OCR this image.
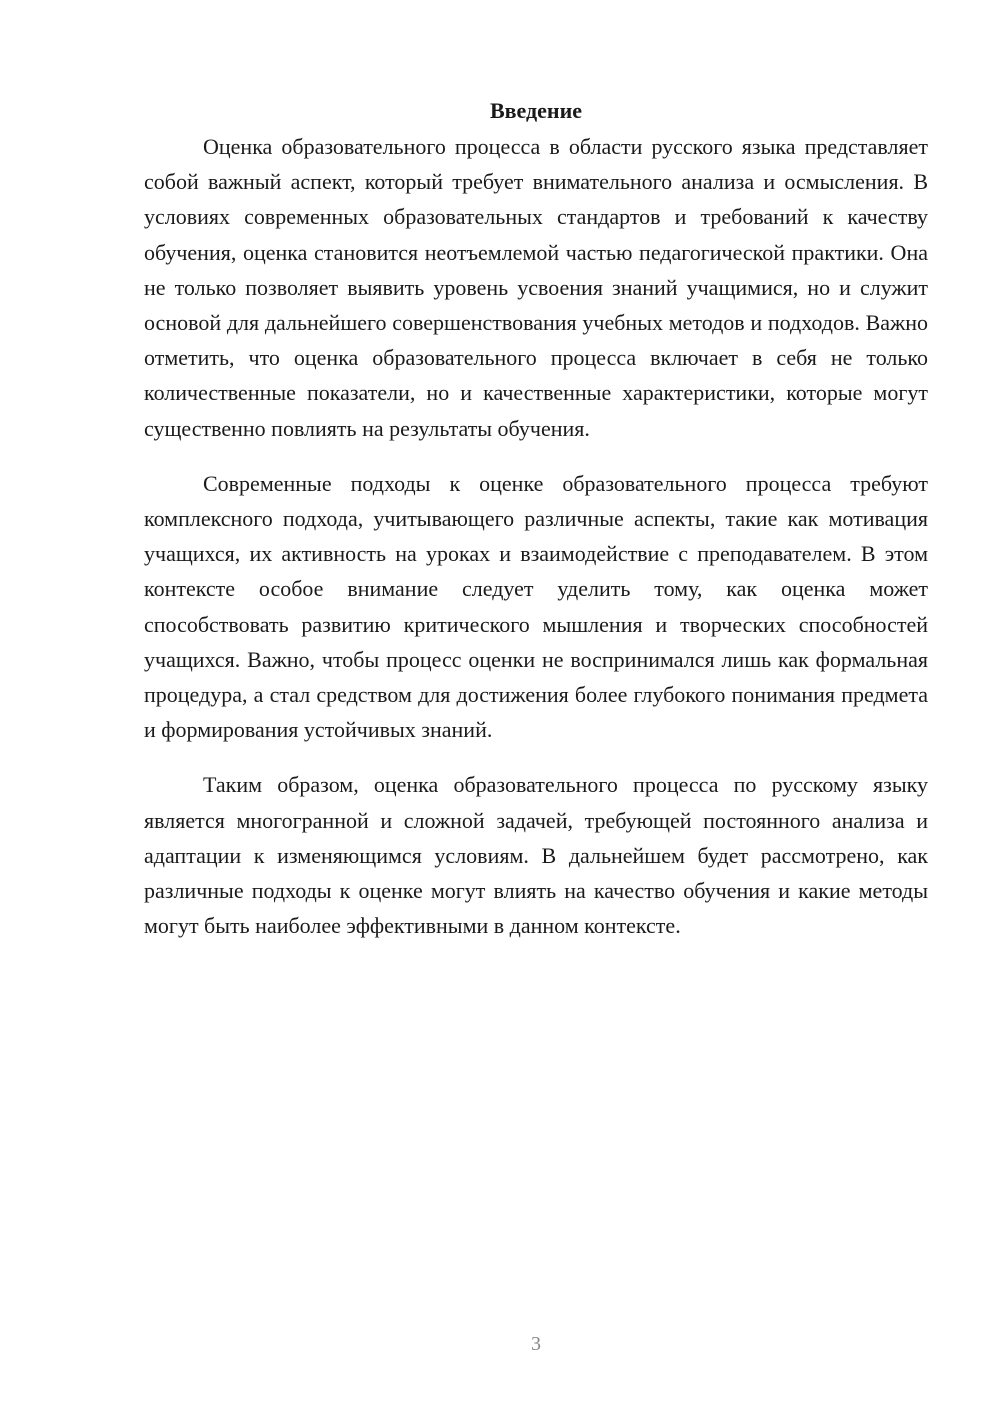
Введение

Оценка образовательного процесса в области русского языка представляет собой важный аспект, который требует внимательного анализа и осмысления. В условиях современных образовательных стандартов и требований к качеству обучения, оценка становится неотъемлемой частью педагогической практики. Она не только позволяет выявить уровень усвоения знаний учащимися, но и служит основой для дальнейшего совершенствования учебных методов и подходов. Важно отметить, что оценка образовательного процесса включает в себя не только количественные показатели, но и качественные характеристики, которые могут существенно повлиять на результаты обучения.

Современные подходы к оценке образовательного процесса требуют комплексного подхода, учитывающего различные аспекты, такие как мотивация учащихся, их активность на уроках и взаимодействие с преподавателем. В этом контексте особое внимание следует уделить тому, как оценка может способствовать развитию критического мышления и творческих способностей учащихся. Важно, чтобы процесс оценки не воспринимался лишь как формальная процедура, а стал средством для достижения более глубокого понимания предмета и формирования устойчивых знаний.

Таким образом, оценка образовательного процесса по русскому языку является многогранной и сложной задачей, требующей постоянного анализа и адаптации к изменяющимся условиям. В дальнейшем будет рассмотрено, как различные подходы к оценке могут влиять на качество обучения и какие методы могут быть наиболее эффективными в данном контексте.

3
